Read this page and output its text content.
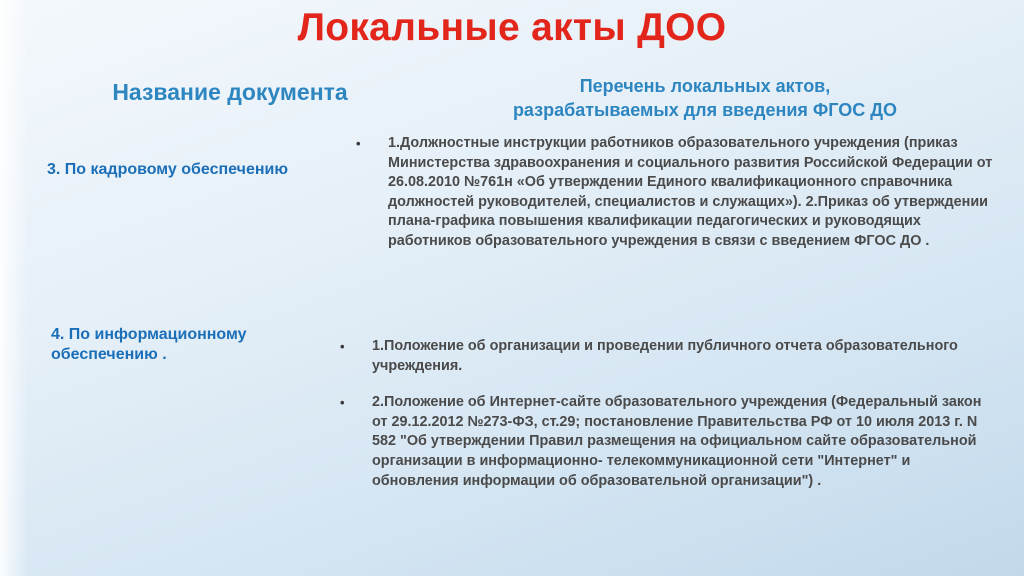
Локальные акты ДОО
Название документа	Перечень локальных актов,
разрабатываемых для введения ФГОС ДО
3. По кадровому обеспечению
• 1.Должностные инструкции работников образовательного учреждения (приказ Министерства здравоохранения и социального развития Российской Федерации от 26.08.2010 №761н «Об утверждении Единого квалификационного справочника должностей руководителей, специалистов и служащих»). 2.Приказ об утверждении плана-графика повышения квалификации педагогических и руководящих работников образовательного учреждения в связи с введением ФГОС ДО .
4. По информационному обеспечению .	• 1.Положение об организации и проведении публичного отчета образовательного учреждения.
• 2.Положение об Интернет-сайте образовательного учреждения (Федеральный закон от 29.12.2012 №273-ФЗ, ст.29; постановление Правительства РФ от 10 июля 2013 г. N 582 "Об утверждении Правил размещения на официальном сайте образовательной организации в информационно- телекоммуникационной сети "Интернет" и обновления информации об образовательной организации") .
